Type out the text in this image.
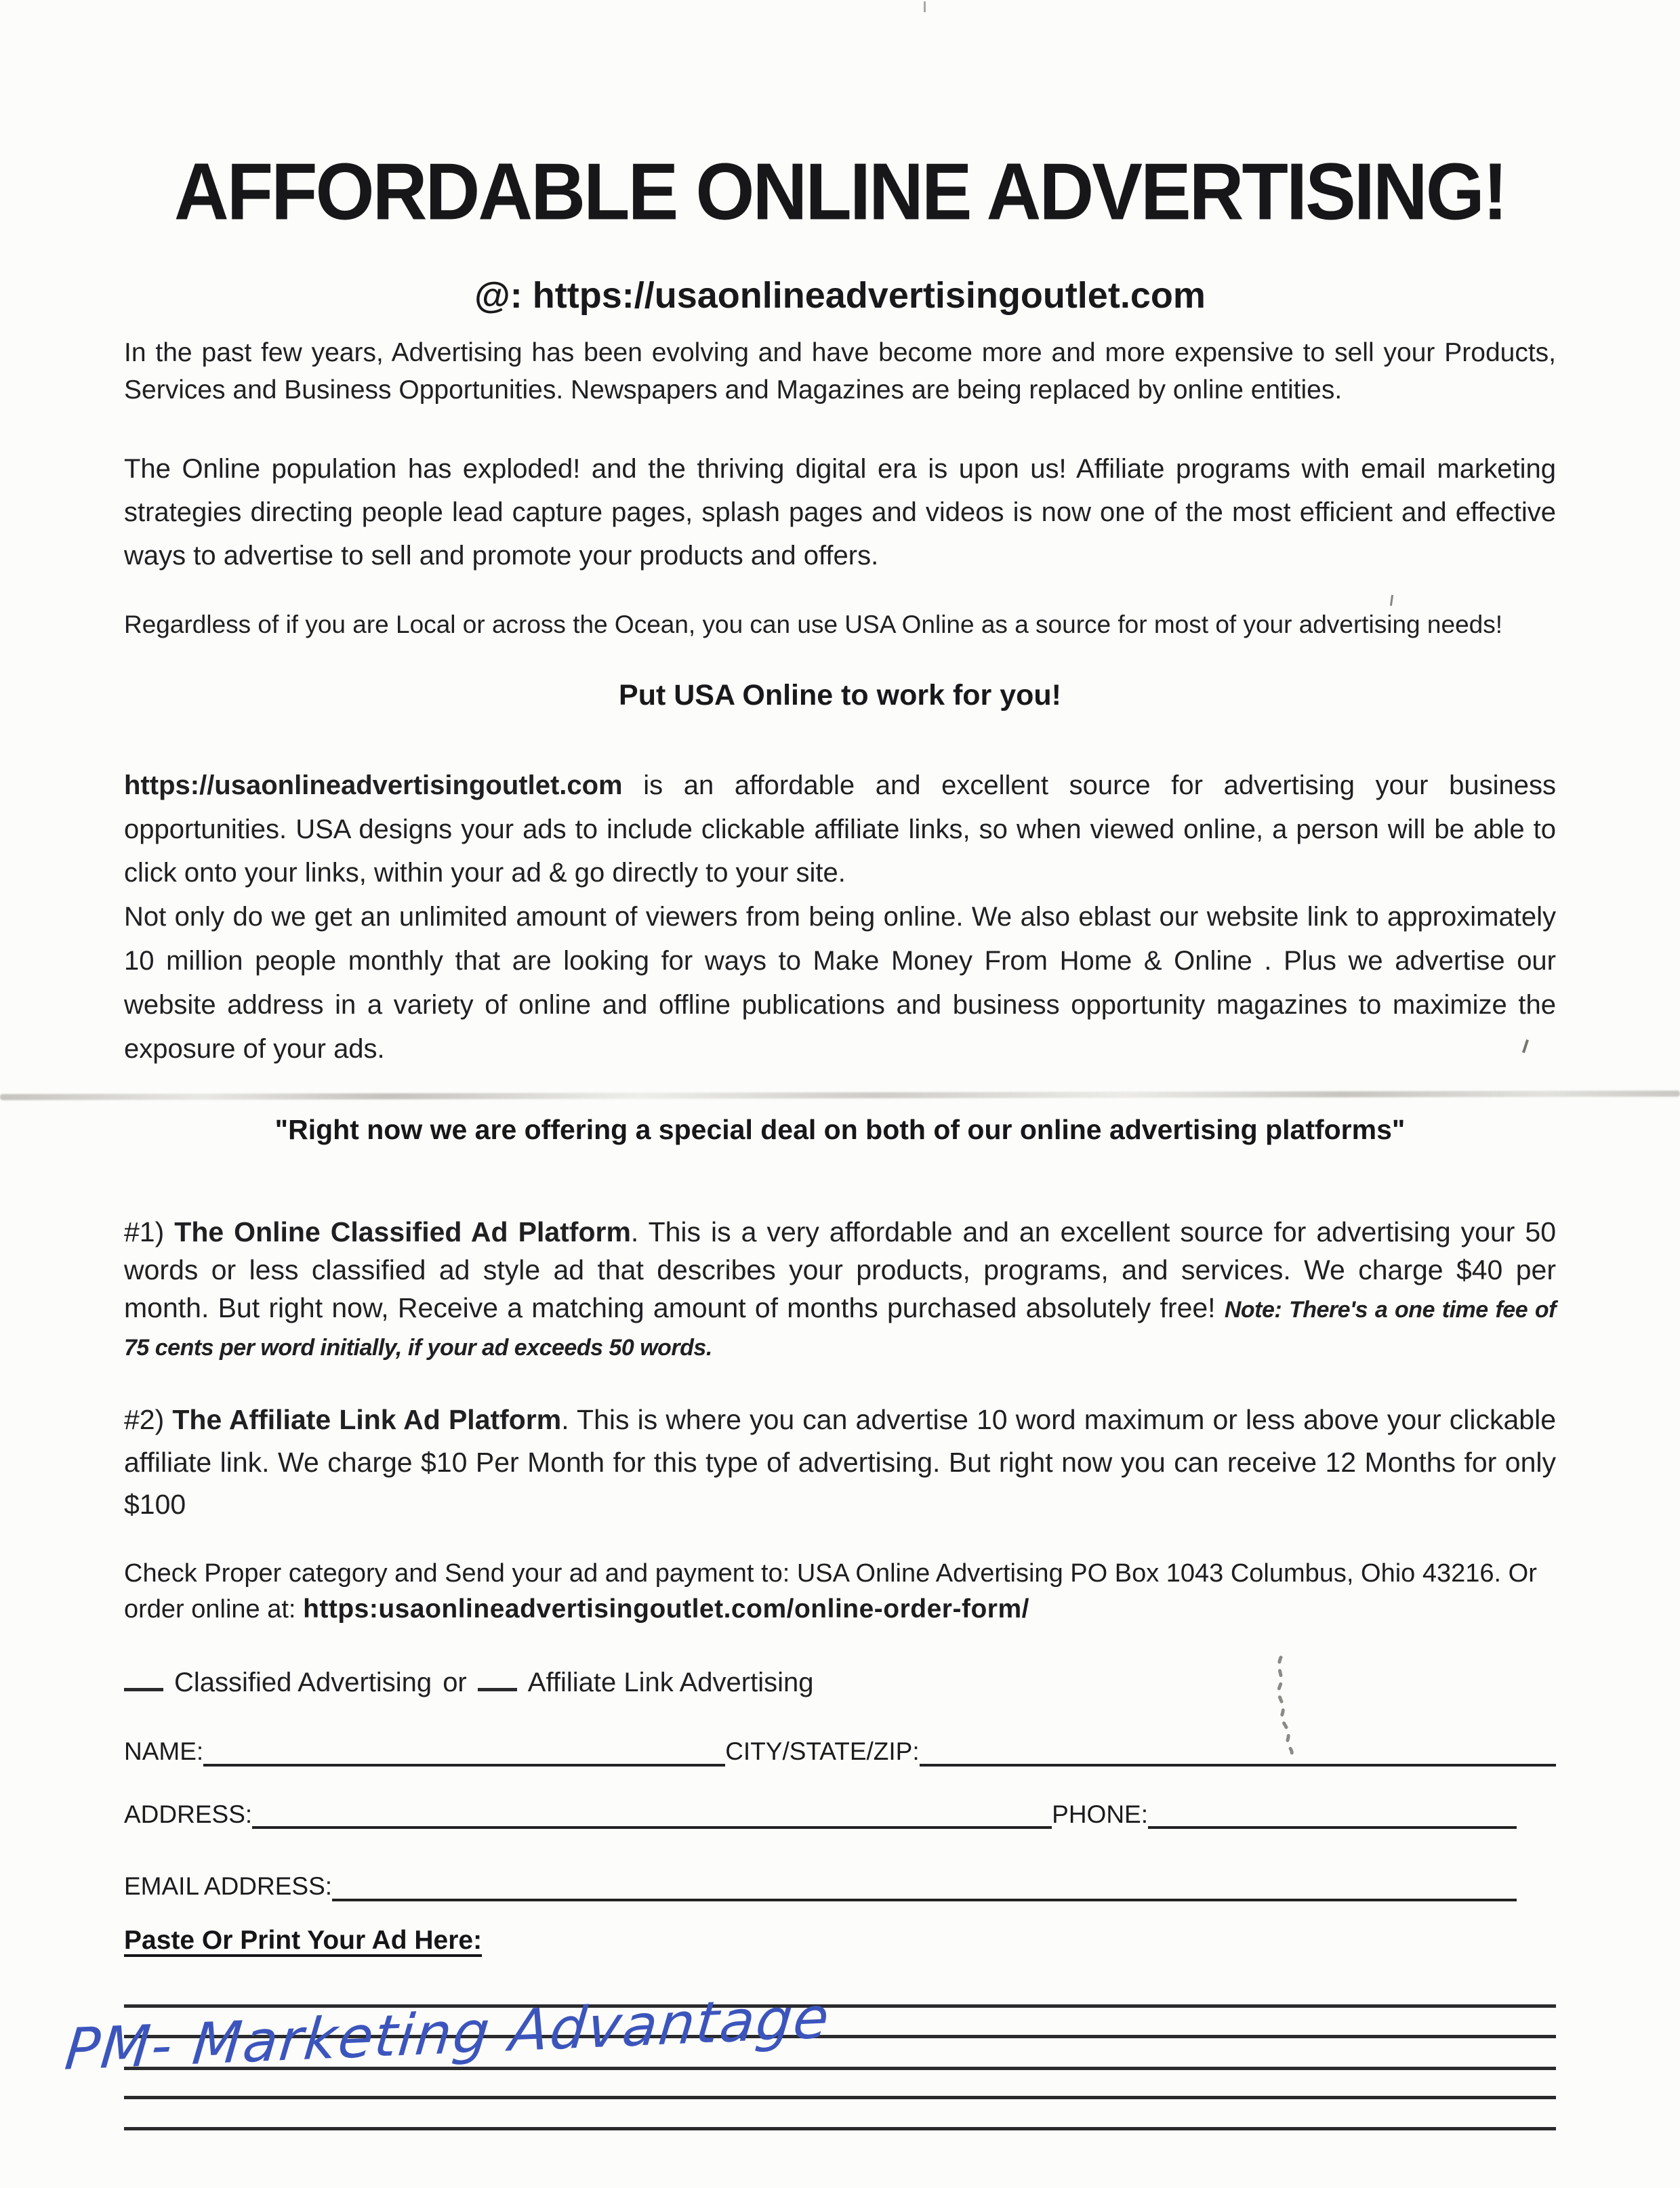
AFFORDABLE ONLINE ADVERTISING!
@: https://usaonlineadvertisingoutlet.com

In the past few years, Advertising has been evolving and have become more and more expensive to sell your Products, Services and Business Opportunities. Newspapers and Magazines are being replaced by online entities.

The Online population has exploded! and the thriving digital era is upon us! Affiliate programs with email marketing strategies directing people lead capture pages, splash pages and videos is now one of the most efficient and effective ways to advertise to sell and promote your products and offers.

Regardless of if you are Local or across the Ocean, you can use USA Online as a source for most of your advertising needs!

Put USA Online to work for you!

https://usaonlineadvertisingoutlet.com is an affordable and excellent source for advertising your business opportunities. USA designs your ads to include clickable affiliate links, so when viewed online, a person will be able to click onto your links, within your ad & go directly to your site.

Not only do we get an unlimited amount of viewers from being online. We also eblast our website link to approximately 10 million people monthly that are looking for ways to Make Money From Home & Online . Plus we advertise our website address in a variety of online and offline publications and business opportunity magazines to maximize the exposure of your ads.

"Right now we are offering a special deal on both of our online advertising platforms"

#1) The Online Classified Ad Platform. This is a very affordable and an excellent source for advertising your 50 words or less classified ad style ad that describes your products, programs, and services. We charge $40 per month. But right now, Receive a matching amount of months purchased absolutely free! Note: There's a one time fee of 75 cents per word initially, if your ad exceeds 50 words.

#2) The Affiliate Link Ad Platform. This is where you can advertise 10 word maximum or less above your clickable affiliate link. We charge $10 Per Month for this type of advertising. But right now you can receive 12 Months for only $100

Check Proper category and Send your ad and payment to: USA Online Advertising PO Box 1043 Columbus, Ohio 43216. Or order online at: https:usaonlineadvertisingoutlet.com/online-order-form/

Classified Advertising or Affiliate Link Advertising
NAME:	CITY/STATE/ZIP:
ADDRESS:	PHONE:
EMAIL ADDRESS:

Paste Or Print Your Ad Here:

PM- Marketing Advantage
